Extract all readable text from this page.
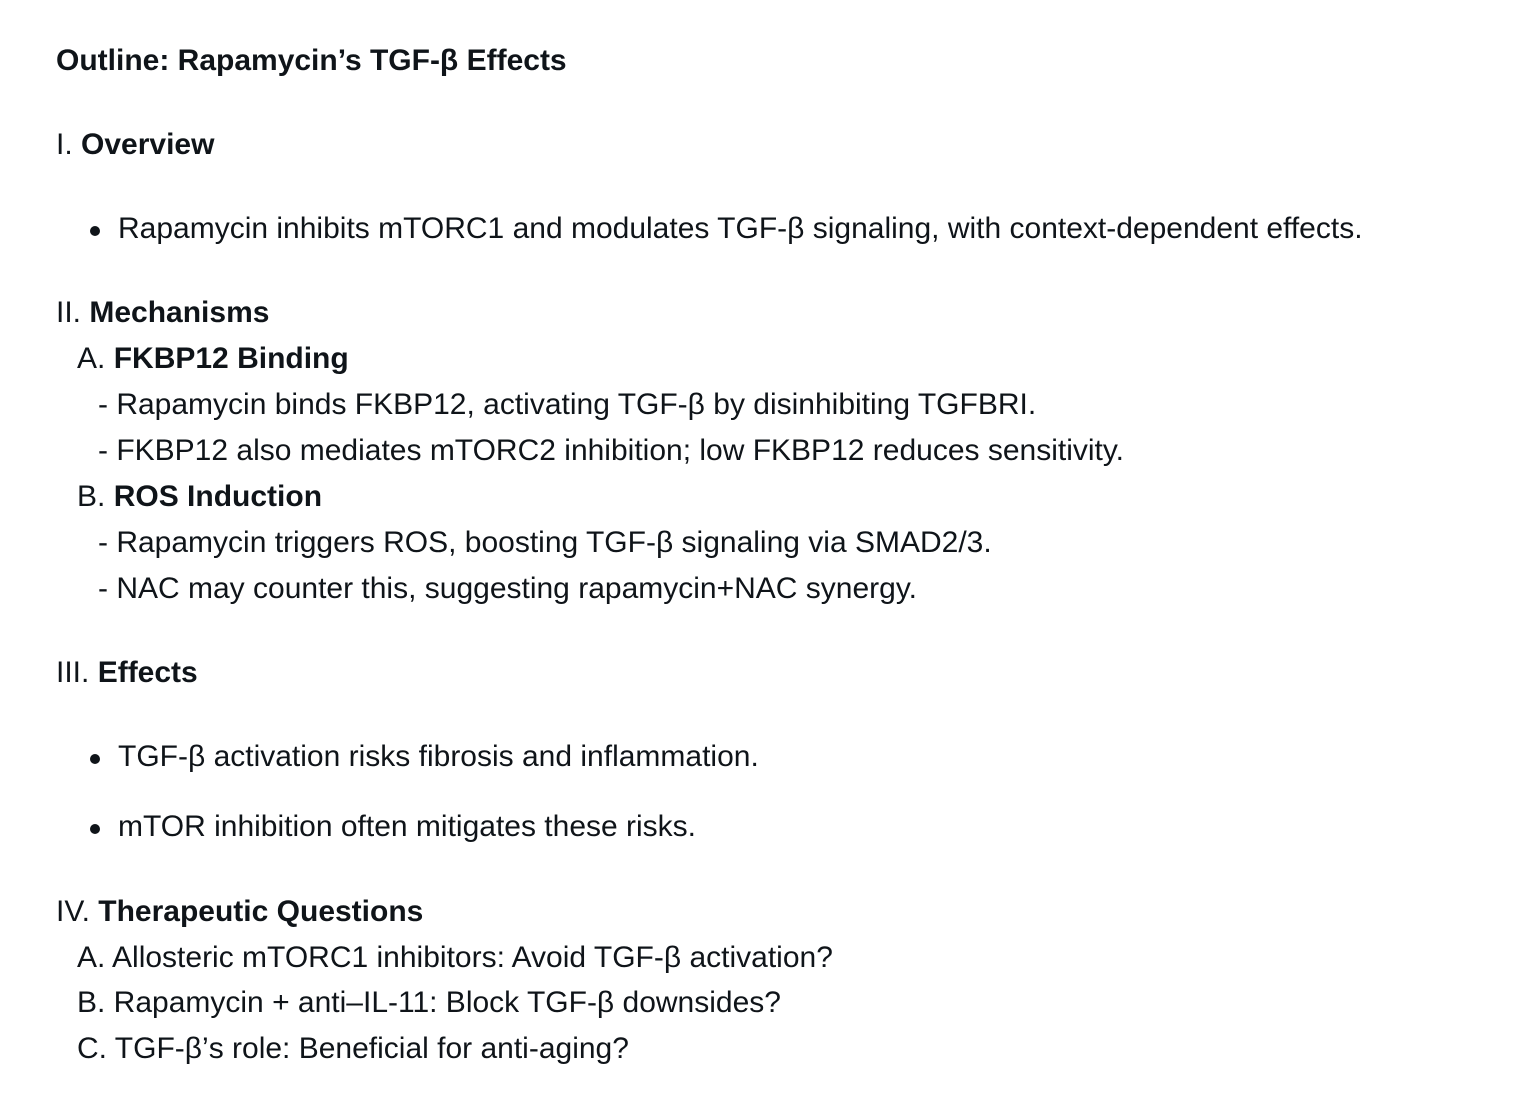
Outline: Rapamycin’s TGF-β Effects
I. Overview
Rapamycin inhibits mTORC1 and modulates TGF-β signaling, with context-dependent effects.
II. Mechanisms
A. FKBP12 Binding
- Rapamycin binds FKBP12, activating TGF-β by disinhibiting TGFBRI.
- FKBP12 also mediates mTORC2 inhibition; low FKBP12 reduces sensitivity.
B. ROS Induction
- Rapamycin triggers ROS, boosting TGF-β signaling via SMAD2/3.
- NAC may counter this, suggesting rapamycin+NAC synergy.
III. Effects
TGF-β activation risks fibrosis and inflammation.
mTOR inhibition often mitigates these risks.
IV. Therapeutic Questions
A. Allosteric mTORC1 inhibitors: Avoid TGF-β activation?
B. Rapamycin + anti–IL-11: Block TGF-β downsides?
C. TGF-β’s role: Beneficial for anti-aging?
